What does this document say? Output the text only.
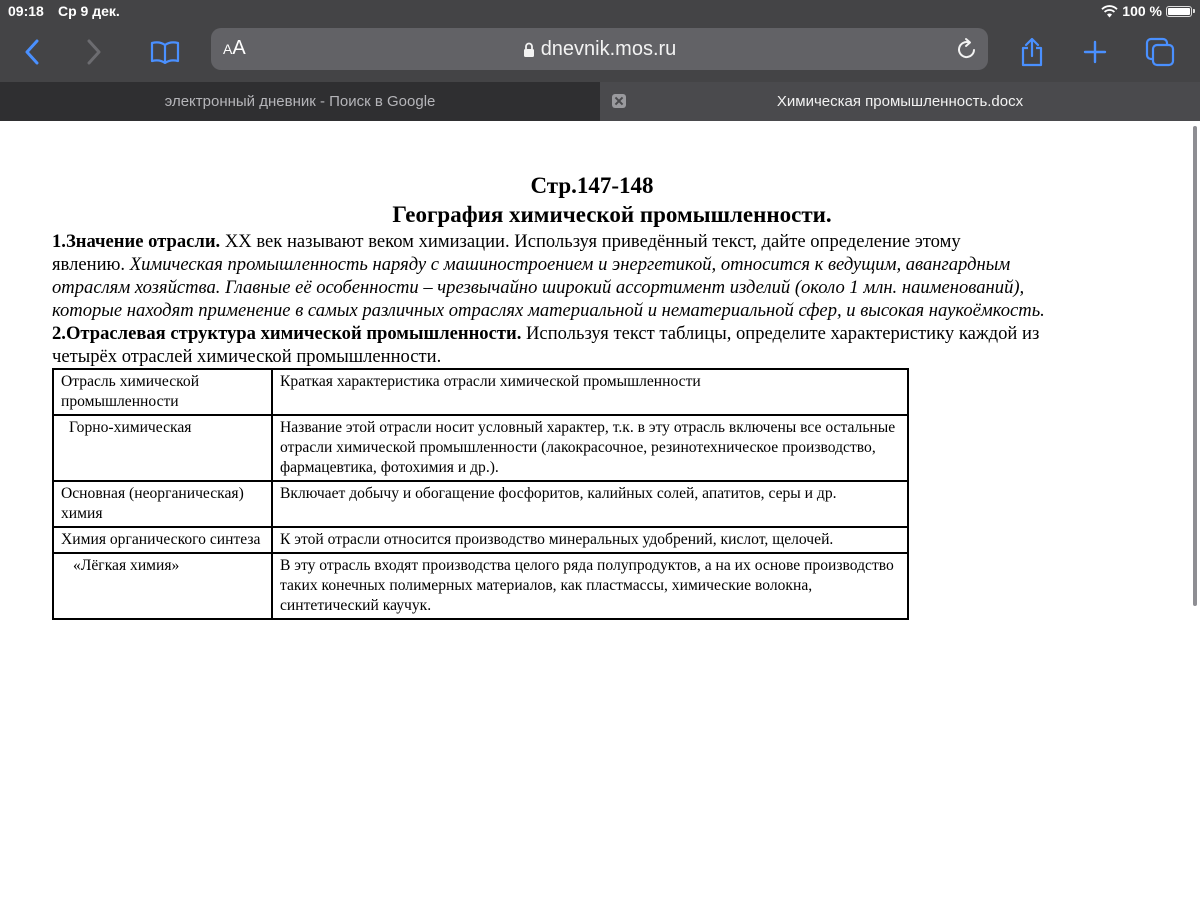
09:18 Ср 9 дек.	100 %
AA	dnevnik.mos.ru
электронный дневник - Поиск в Google	Химическая промышленность.docx

Стр.147-148

География химической промышленности.

1.Значение отрасли. XX век называют веком химизации. Используя приведённый текст, дайте определение этому

явлению. Химическая промышленность наряду с машиностроением и энергетикой, относится к ведущим, авангардным

отраслям хозяйства. Главные её особенности – чрезвычайно широкий ассортимент изделий (около 1 млн. наименований),

которые находят применение в самых различных отраслях материальной и нематериальной сфер, и высокая наукоёмкость.

2.Отраслевая структура химической промышленности. Используя текст таблицы, определите характеристику каждой из

четырёх отраслей химической промышленности.

Отрасль химической промышленности	Краткая характеристика отрасли химической промышленности

Горно-химическая	Название этой отрасли носит условный характер, т.к. в эту отрасль включены все остальные отрасли химической промышленности (лакокрасочное, резинотехническое производство, фармацевтика, фотохимия и др.).
Основная (неорганическая) химия	Включает добычу и обогащение фосфоритов, калийных солей, апатитов, серы и др.
Химия органического синтеза	К этой отрасли относится производство минеральных удобрений, кислот, щелочей.

«Лёгкая химия»	В эту отрасль входят производства целого ряда полупродуктов, а на их основе производство таких конечных полимерных материалов, как пластмассы, химические волокна, синтетический каучук.
